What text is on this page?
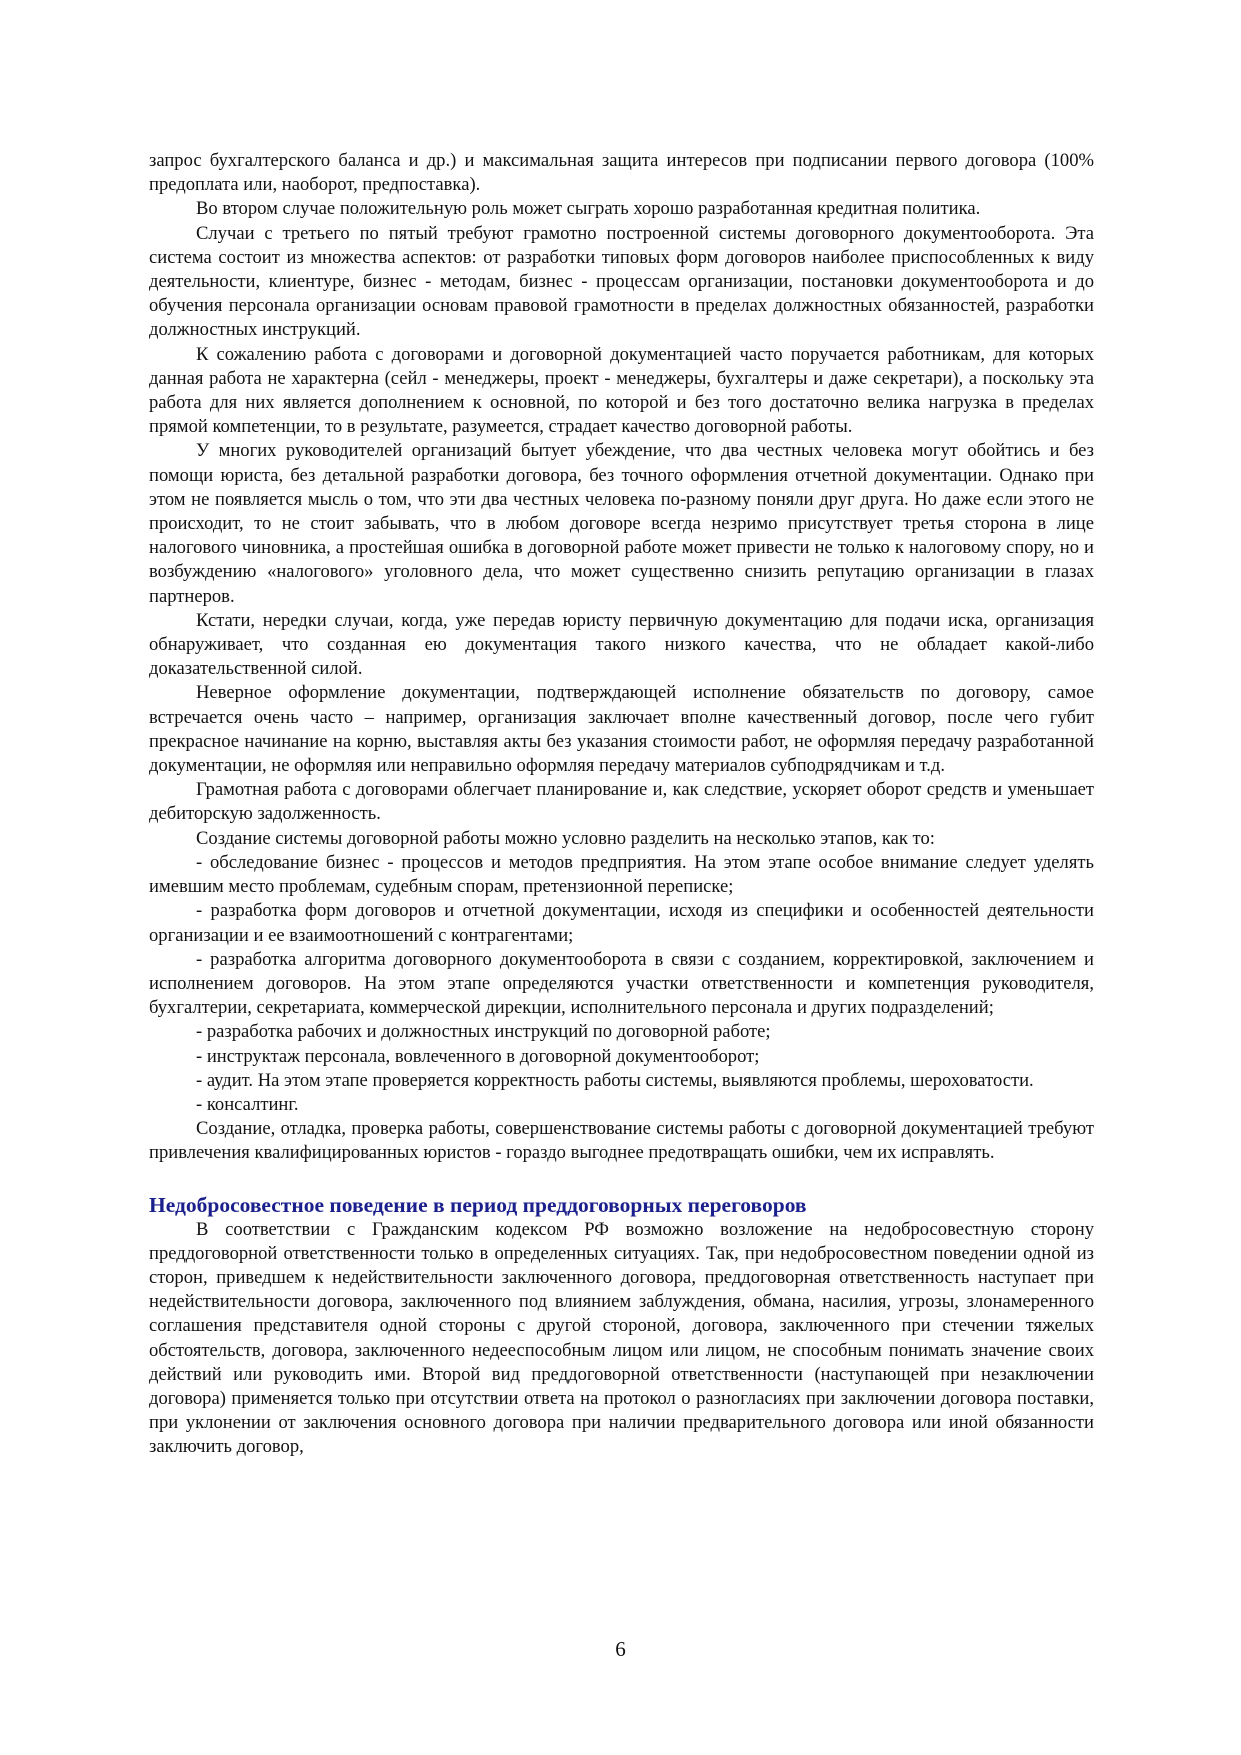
запрос бухгалтерского баланса и др.) и максимальная защита интересов при подписании первого договора (100% предоплата или, наоборот, предпоставка).

Во втором случае положительную роль может сыграть хорошо разработанная кредитная политика.

Случаи с третьего по пятый требуют грамотно построенной системы договорного документооборота. Эта система состоит из множества аспектов: от разработки типовых форм договоров наиболее приспособленных к виду деятельности, клиентуре, бизнес - методам, бизнес - процессам организации, постановки документооборота и до обучения персонала организации основам правовой грамотности в пределах должностных обязанностей, разработки должностных инструкций.

К сожалению работа с договорами и договорной документацией часто поручается работникам, для которых данная работа не характерна (сейл - менеджеры, проект - менеджеры, бухгалтеры и даже секретари), а поскольку эта работа для них является дополнением к основной, по которой и без того достаточно велика нагрузка в пределах прямой компетенции, то в результате, разумеется, страдает качество договорной работы.

У многих руководителей организаций бытует убеждение, что два честных человека могут обойтись и без помощи юриста, без детальной разработки договора, без точного оформления отчетной документации. Однако при этом не появляется мысль о том, что эти два честных человека по-разному поняли друг друга. Но даже если этого не происходит, то не стоит забывать, что в любом договоре всегда незримо присутствует третья сторона в лице налогового чиновника, а простейшая ошибка в договорной работе может привести не только к налоговому спору, но и возбуждению «налогового» уголовного дела, что может существенно снизить репутацию организации в глазах партнеров.

Кстати, нередки случаи, когда, уже передав юристу первичную документацию для подачи иска, организация обнаруживает, что созданная ею документация такого низкого качества, что не обладает какой-либо доказательственной силой.

Неверное оформление документации, подтверждающей исполнение обязательств по договору, самое встречается очень часто – например, организация заключает вполне качественный договор, после чего губит прекрасное начинание на корню, выставляя акты без указания стоимости работ, не оформляя передачу разработанной документации, не оформляя или неправильно оформляя передачу материалов субподрядчикам и т.д.

Грамотная работа с договорами облегчает планирование и, как следствие, ускоряет оборот средств и уменьшает дебиторскую задолженность.

Создание системы договорной работы можно условно разделить на несколько этапов, как то:

- обследование бизнес - процессов и методов предприятия. На этом этапе особое внимание следует уделять имевшим место проблемам, судебным спорам, претензионной переписке;

- разработка форм договоров и отчетной документации, исходя из специфики и особенностей деятельности организации и ее взаимоотношений с контрагентами;

- разработка алгоритма договорного документооборота в связи с созданием, корректировкой, заключением и исполнением договоров. На этом этапе определяются участки ответственности и компетенция руководителя, бухгалтерии, секретариата, коммерческой дирекции, исполнительного персонала и других подразделений;

- разработка рабочих и должностных инструкций по договорной работе;

- инструктаж персонала, вовлеченного в договорной документооборот;

- аудит. На этом этапе проверяется корректность работы системы, выявляются проблемы, шероховатости.

- консалтинг.

Создание, отладка, проверка работы, совершенствование системы работы с договорной документацией требуют привлечения квалифицированных юристов - гораздо выгоднее предотвращать ошибки, чем их исправлять.

Недобросовестное поведение в период преддоговорных переговоров

В соответствии с Гражданским кодексом РФ возможно возложение на недобросовестную сторону преддоговорной ответственности только в определенных ситуациях. Так, при недобросовестном поведении одной из сторон, приведшем к недействительности заключенного договора, преддоговорная ответственность наступает при недействительности договора, заключенного под влиянием заблуждения, обмана, насилия, угрозы, злонамеренного соглашения представителя одной стороны с другой стороной, договора, заключенного при стечении тяжелых обстоятельств, договора, заключенного недееспособным лицом или лицом, не способным понимать значение своих действий или руководить ими. Второй вид преддоговорной ответственности (наступающей при незаключении договора) применяется только при отсутствии ответа на протокол о разногласиях при заключении договора поставки, при уклонении от заключения основного договора при наличии предварительного договора или иной обязанности заключить договор,

6
